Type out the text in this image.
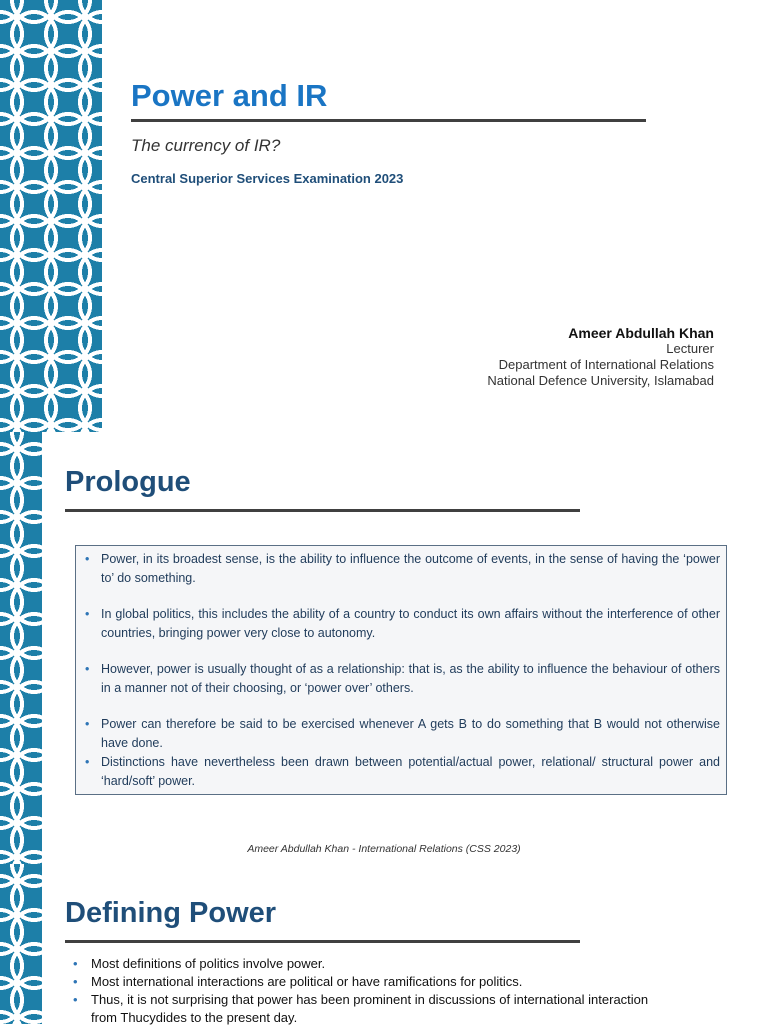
Power and IR
The currency of IR?
Central Superior Services Examination 2023
Ameer Abdullah Khan
Lecturer
Department of International Relations
National Defence University, Islamabad
Prologue
• Power, in its broadest sense, is the ability to influence the outcome of events, in the sense of having the ‘power to’ do something.
• In global politics, this includes the ability of a country to conduct its own affairs without the interference of other countries, bringing power very close to autonomy.
• However, power is usually thought of as a relationship: that is, as the ability to influence the behaviour of others in a manner not of their choosing, or ‘power over’ others.
• Power can therefore be said to be exercised whenever A gets B to do something that B would not otherwise have done.
• Distinctions have nevertheless been drawn between potential/actual power, relational/ structural power and ‘hard/soft’ power.
Ameer Abdullah Khan - International Relations (CSS 2023)
Defining Power
• Most definitions of politics involve power.
• Most international interactions are political or have ramifications for politics.
• Thus, it is not surprising that power has been prominent in discussions of international interaction from Thucydides to the present day.
